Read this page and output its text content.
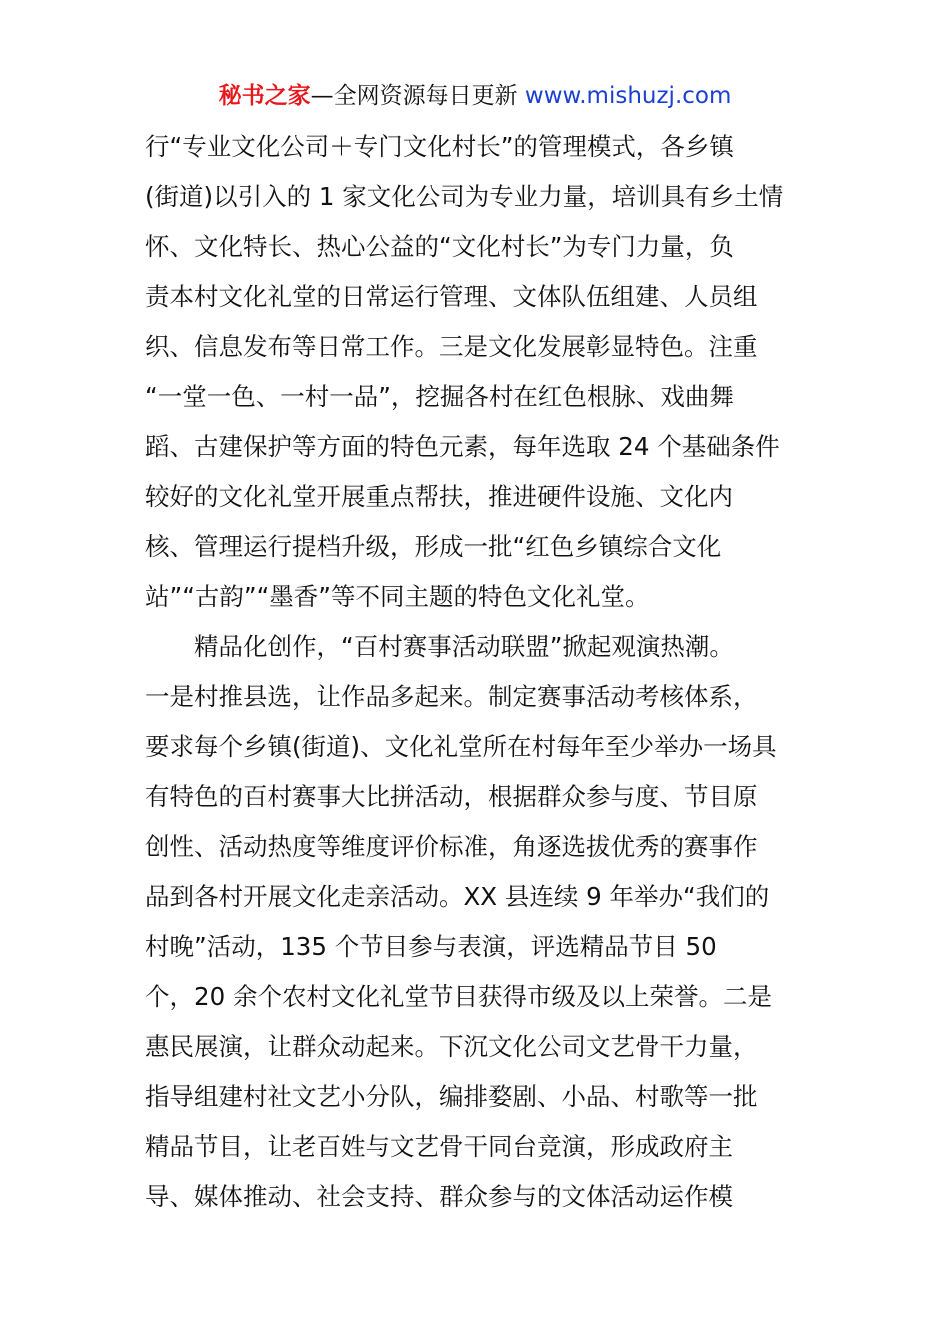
秘书之家—全网资源每日更新 www.mishuzj.com
行“专业文化公司＋专门文化村长”的管理模式，各乡镇
(街道)以引入的 1 家文化公司为专业力量，培训具有乡土情
怀、文化特长、热心公益的“文化村长”为专门力量，负
责本村文化礼堂的日常运行管理、文体队伍组建、人员组
织、信息发布等日常工作。三是文化发展彰显特色。注重
“一堂一色、一村一品”，挖掘各村在红色根脉、戏曲舞
蹈、古建保护等方面的特色元素，每年选取 24 个基础条件
较好的文化礼堂开展重点帮扶，推进硬件设施、文化内
核、管理运行提档升级，形成一批“红色乡镇综合文化
站”“古韵”“墨香”等不同主题的特色文化礼堂。
精品化创作，“百村赛事活动联盟”掀起观演热潮。
一是村推县选，让作品多起来。制定赛事活动考核体系，
要求每个乡镇(街道)、文化礼堂所在村每年至少举办一场具
有特色的百村赛事大比拼活动，根据群众参与度、节目原
创性、活动热度等维度评价标准，角逐选拔优秀的赛事作
品到各村开展文化走亲活动。XX 县连续 9 年举办“我们的
村晚”活动，135 个节目参与表演，评选精品节目 50
个，20 余个农村文化礼堂节目获得市级及以上荣誉。二是
惠民展演，让群众动起来。下沉文化公司文艺骨干力量，
指导组建村社文艺小分队，编排婺剧、小品、村歌等一批
精品节目，让老百姓与文艺骨干同台竞演，形成政府主
导、媒体推动、社会支持、群众参与的文体活动运作模
